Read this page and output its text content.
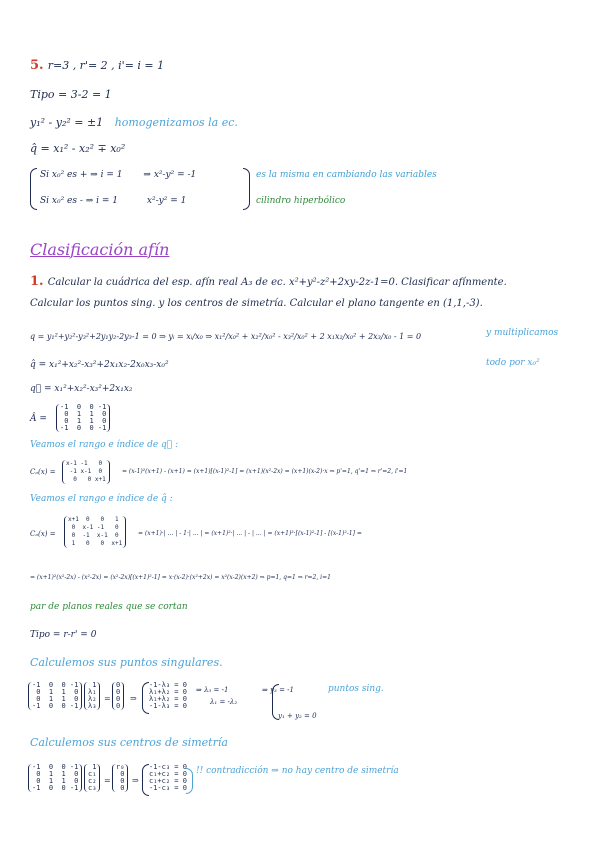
5. r=3 , r'= 2 , i'= i = 1
Tipo = 3-2 = 1
y₁² - y₂² = ±1 homogenizamos la ec.
q̂ = x₁² - x₂² ∓ x₀²
Si x₀² es + ⇒ i = 1 ⇒ x²-y² = -1
Si x₀² es - ⇒ i = 1	x²-y² = 1
es la misma en cambiando las variables
cilindro hiperbólico
Clasificación afín
1. Calcular la cuádrica del esp. afín real A₃ de ec. x²+y²-z²+2xy-2z-1=0. Clasificar afínmente.
Calcular los puntos sing. y los centros de simetría. Calcular el plano tangente en (1,1,-3).
q = y₁²+y₂²-y₃²+2y₁y₂-2y₃-1 = 0 ⇒ yᵢ = xᵢ/x₀ ⇒ x₁²/x₀² + x₂²/x₀² - x₃²/x₀² + 2 x₁x₂/x₀² + 2x₃/x₀ - 1 = 0	y multiplicamos
todo por x₀²
q̂ = x₁²+x₂²-x₃²+2x₁x₂-2x₀x₃-x₀²
q⃗ = x₁²+x₂²-x₃²+2x₁x₂
Â =
-1  0  0 -1
0  1  1  0
0  1  1  0
-1  0  0 -1
Veamos el rango e índice de q⃗ :
Cₒ(x) =
x-1 -1   0
-1 x-1  0
0   0 x+1
= (x-1)²(x+1) - (x+1) = (x+1)[(x-1)²-1] = (x+1)(x²-2x) = (x+1)(x-2)·x ⇒ p'=1, q'=1 ⇒ r'=2, i'=1
Veamos el rango e índice de q̂ :
Cₒ(x) =
x+1  0   0   1
0  x-1 -1   0
0  -1  x-1  0
1   0   0  x+1
= (x+1)·| ... | - 1·| ... | = (x+1)²·| ... | - | ... | = (x+1)²·[(x-1)²-1] - [(x-1)²-1] =
= (x+1)²(x²-2x) - (x²-2x) = (x²-2x)[(x+1)²-1] = x·(x-2)·(x²+2x) = x²(x-2)(x+2) ⇒ p=1, q=1 ⇒ r=2, i=1
par de planos reales que se cortan
Tipo = r-r' = 0
Calculemos sus puntos singulares.
-1  0  0 -1
0  1  1  0
0  1  1  0
-1  0  0 -1
1
λ₁
λ₂
λ₃
=
0
0
0
0
⇒
-1-λ₃ = 0
λ₁+λ₂ = 0
λ₁+λ₂ = 0
-1-λ₃ = 0
⇒ λ₃ = -1
λ₁ = -λ₂
⇒ y₃ = -1
y₁ + y₂ = 0
puntos sing.
Calculemos sus centros de simetría
-1  0  0 -1
0  1  1  0
0  1  1  0
-1  0  0 -1
1
c₁
c₂
c₃
=
r₀
0
0
0
⇒
-1-c₃ = 0
c₁+c₂ = 0
c₁+c₂ = 0
-1-c₃ = 0
!! contradicción ⇒ no hay centro de simetría
